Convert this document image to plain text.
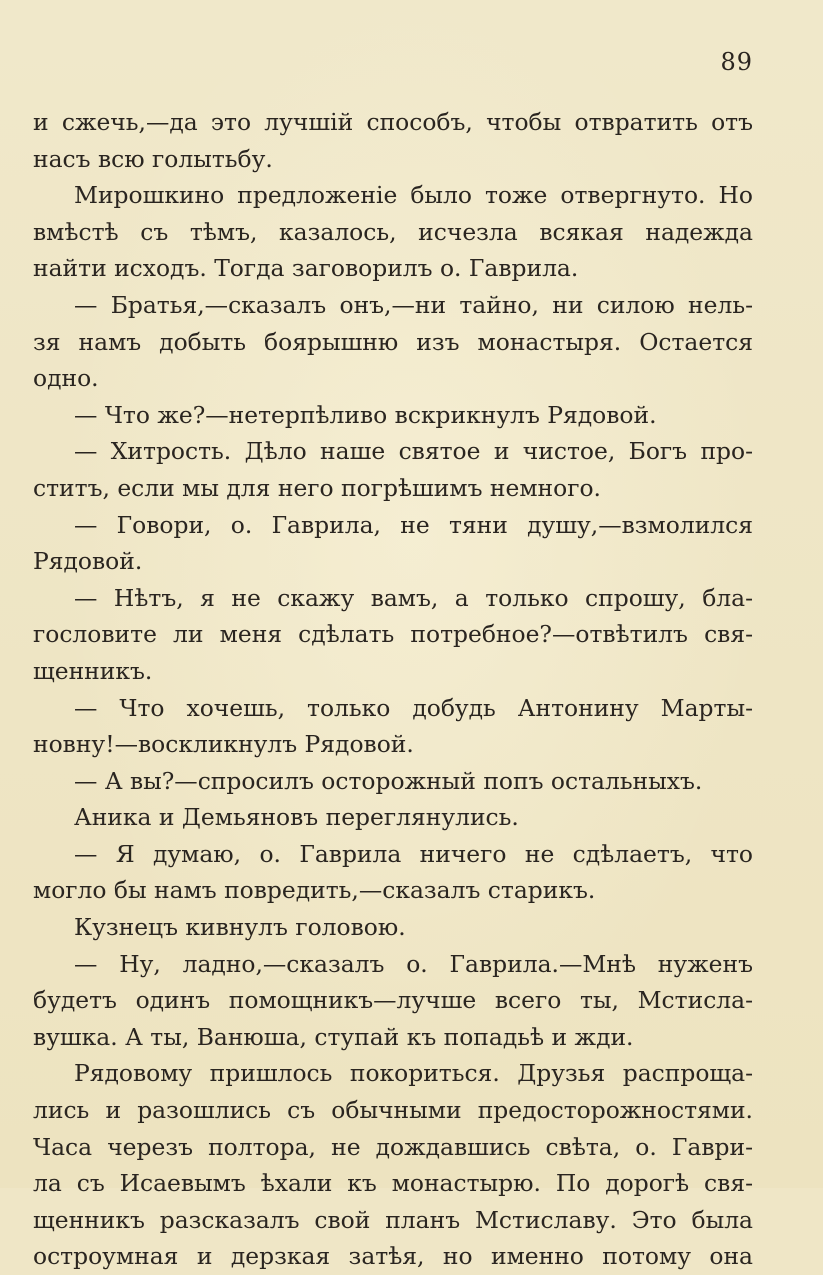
89
и сжечь,—да это лучшій способъ, чтобы отвратить отъ
насъ всю голытьбу.
Мирошкино предложеніе было тоже отвергнуто. Но
вмѣстѣ съ тѣмъ, казалось, исчезла всякая надежда
найти исходъ. Тогда заговорилъ о. Гаврила.
— Братья,—сказалъ онъ,—ни тайно, ни силою нель-
зя намъ добыть боярышню изъ монастыря. Остается
одно.
— Что же?—нетерпѣливо вскрикнулъ Рядовой.
— Хитрость. Дѣло наше святое и чистое, Богъ про-
ститъ, если мы для него погрѣшимъ немного.
— Говори, о. Гаврила, не тяни душу,—взмолился
Рядовой.
— Нѣтъ, я не скажу вамъ, а только спрошу, бла-
гословите ли меня сдѣлать потребное?—отвѣтилъ свя-
щенникъ.
— Что хочешь, только добудь Антонину Марты-
новну!—воскликнулъ Рядовой.
— А вы?—спросилъ осторожный попъ остальныхъ.
Аника и Демьяновъ переглянулись.
— Я думаю, о. Гаврила ничего не сдѣлаетъ, что
могло бы намъ повредить,—сказалъ старикъ.
Кузнецъ кивнулъ головою.
— Ну, ладно,—сказалъ о. Гаврила.—Мнѣ нуженъ
будетъ одинъ помощникъ—лучше всего ты, Мстисла-
вушка. А ты, Ванюша, ступай къ попадьѣ и жди.
Рядовому пришлось покориться. Друзья распроща-
лись и разошлись съ обычными предосторожностями.
Часа черезъ полтора, не дождавшись свѣта, о. Гаври-
ла съ Исаевымъ ѣхали къ монастырю. По дорогѣ свя-
щенникъ разсказалъ свой планъ Мстиславу. Это была
остроумная и дерзкая затѣя, но именно потому она
